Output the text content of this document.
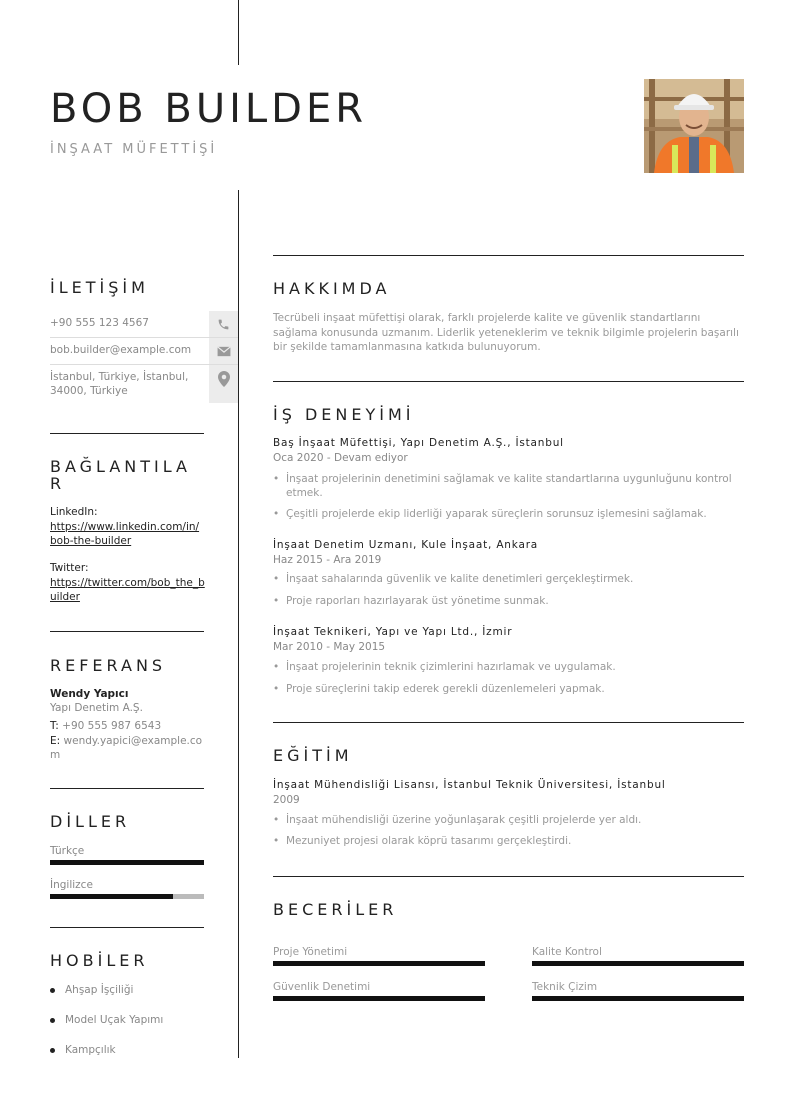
BOB BUILDER
İNŞAAT MÜFETTİŞİ
İLETİŞİM
+90 555 123 4567
bob.builder@example.com
İstanbul, Türkiye, İstanbul, 34000, Türkiye
BAĞLANTILA
R
LinkedIn:
https://www.linkedin.com/in/bob-the-builder
Twitter:
https://twitter.com/bob_the_builder
REFERANS
Wendy Yapıcı
Yapı Denetim A.Ş.
T: +90 555 987 6543
E: wendy.yapici@example.com
DİLLER
Türkçe
İngilizce
HOBİLER
Ahşap İşçiliği
Model Uçak Yapımı
Kampçılık
HAKKIMDA
Tecrübeli inşaat müfettişi olarak, farklı projelerde kalite ve güvenlik standartlarını sağlama konusunda uzmanım. Liderlik yeteneklerim ve teknik bilgimle projelerin başarılı bir şekilde tamamlanmasına katkıda bulunuyorum.
İŞ DENEYİMİ
Baş İnşaat Müfettişi, Yapı Denetim A.Ş., İstanbul
Oca 2020 - Devam ediyor
• İnşaat projelerinin denetimini sağlamak ve kalite standartlarına uygunluğunu kontrol etmek.
• Çeşitli projelerde ekip liderliği yaparak süreçlerin sorunsuz işlemesini sağlamak.
İnşaat Denetim Uzmanı, Kule İnşaat, Ankara
Haz 2015 - Ara 2019
• İnşaat sahalarında güvenlik ve kalite denetimleri gerçekleştirmek.
• Proje raporları hazırlayarak üst yönetime sunmak.
İnşaat Teknikeri, Yapı ve Yapı Ltd., İzmir
Mar 2010 - May 2015
• İnşaat projelerinin teknik çizimlerini hazırlamak ve uygulamak.
• Proje süreçlerini takip ederek gerekli düzenlemeleri yapmak.
EĞİTİM
İnşaat Mühendisliği Lisansı, İstanbul Teknik Üniversitesi, İstanbul
2009
• İnşaat mühendisliği üzerine yoğunlaşarak çeşitli projelerde yer aldı.
• Mezuniyet projesi olarak köprü tasarımı gerçekleştirdi.
BECERİLER
Proje Yönetimi	Kalite Kontrol
Güvenlik Denetimi	Teknik Çizim
